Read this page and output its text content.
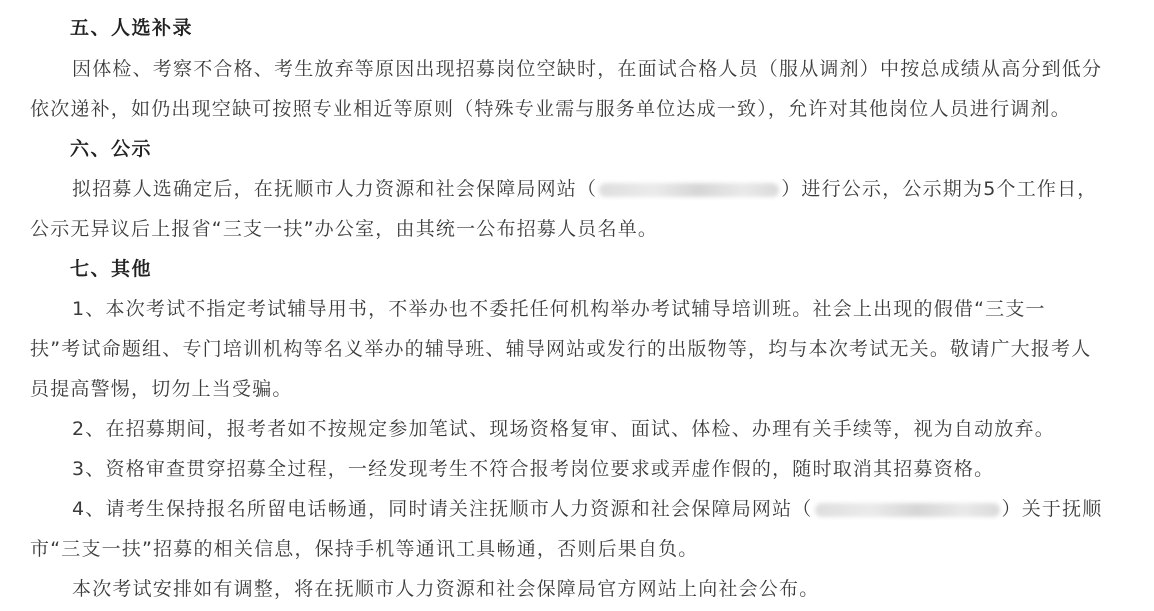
五、人选补录
因体检、考察不合格、考生放弃等原因出现招募岗位空缺时，在面试合格人员（服从调剂）中按总成绩从高分到低分
依次递补，如仍出现空缺可按照专业相近等原则（特殊专业需与服务单位达成一致），允许对其他岗位人员进行调剂。
六、公示
拟招募人选确定后，在抚顺市人力资源和社会保障局网站（	）进行公示，公示期为5个工作日，
公示无异议后上报省“三支一扶”办公室，由其统一公布招募人员名单。
七、其他
1、本次考试不指定考试辅导用书，不举办也不委托任何机构举办考试辅导培训班。社会上出现的假借“三支一
扶”考试命题组、专门培训机构等名义举办的辅导班、辅导网站或发行的出版物等，均与本次考试无关。敬请广大报考人
员提高警惕，切勿上当受骗。
2、在招募期间，报考者如不按规定参加笔试、现场资格复审、面试、体检、办理有关手续等，视为自动放弃。
3、资格审查贯穿招募全过程，一经发现考生不符合报考岗位要求或弄虚作假的，随时取消其招募资格。
4、请考生保持报名所留电话畅通，同时请关注抚顺市人力资源和社会保障局网站（	）关于抚顺
市“三支一扶”招募的相关信息，保持手机等通讯工具畅通，否则后果自负。
本次考试安排如有调整，将在抚顺市人力资源和社会保障局官方网站上向社会公布。
